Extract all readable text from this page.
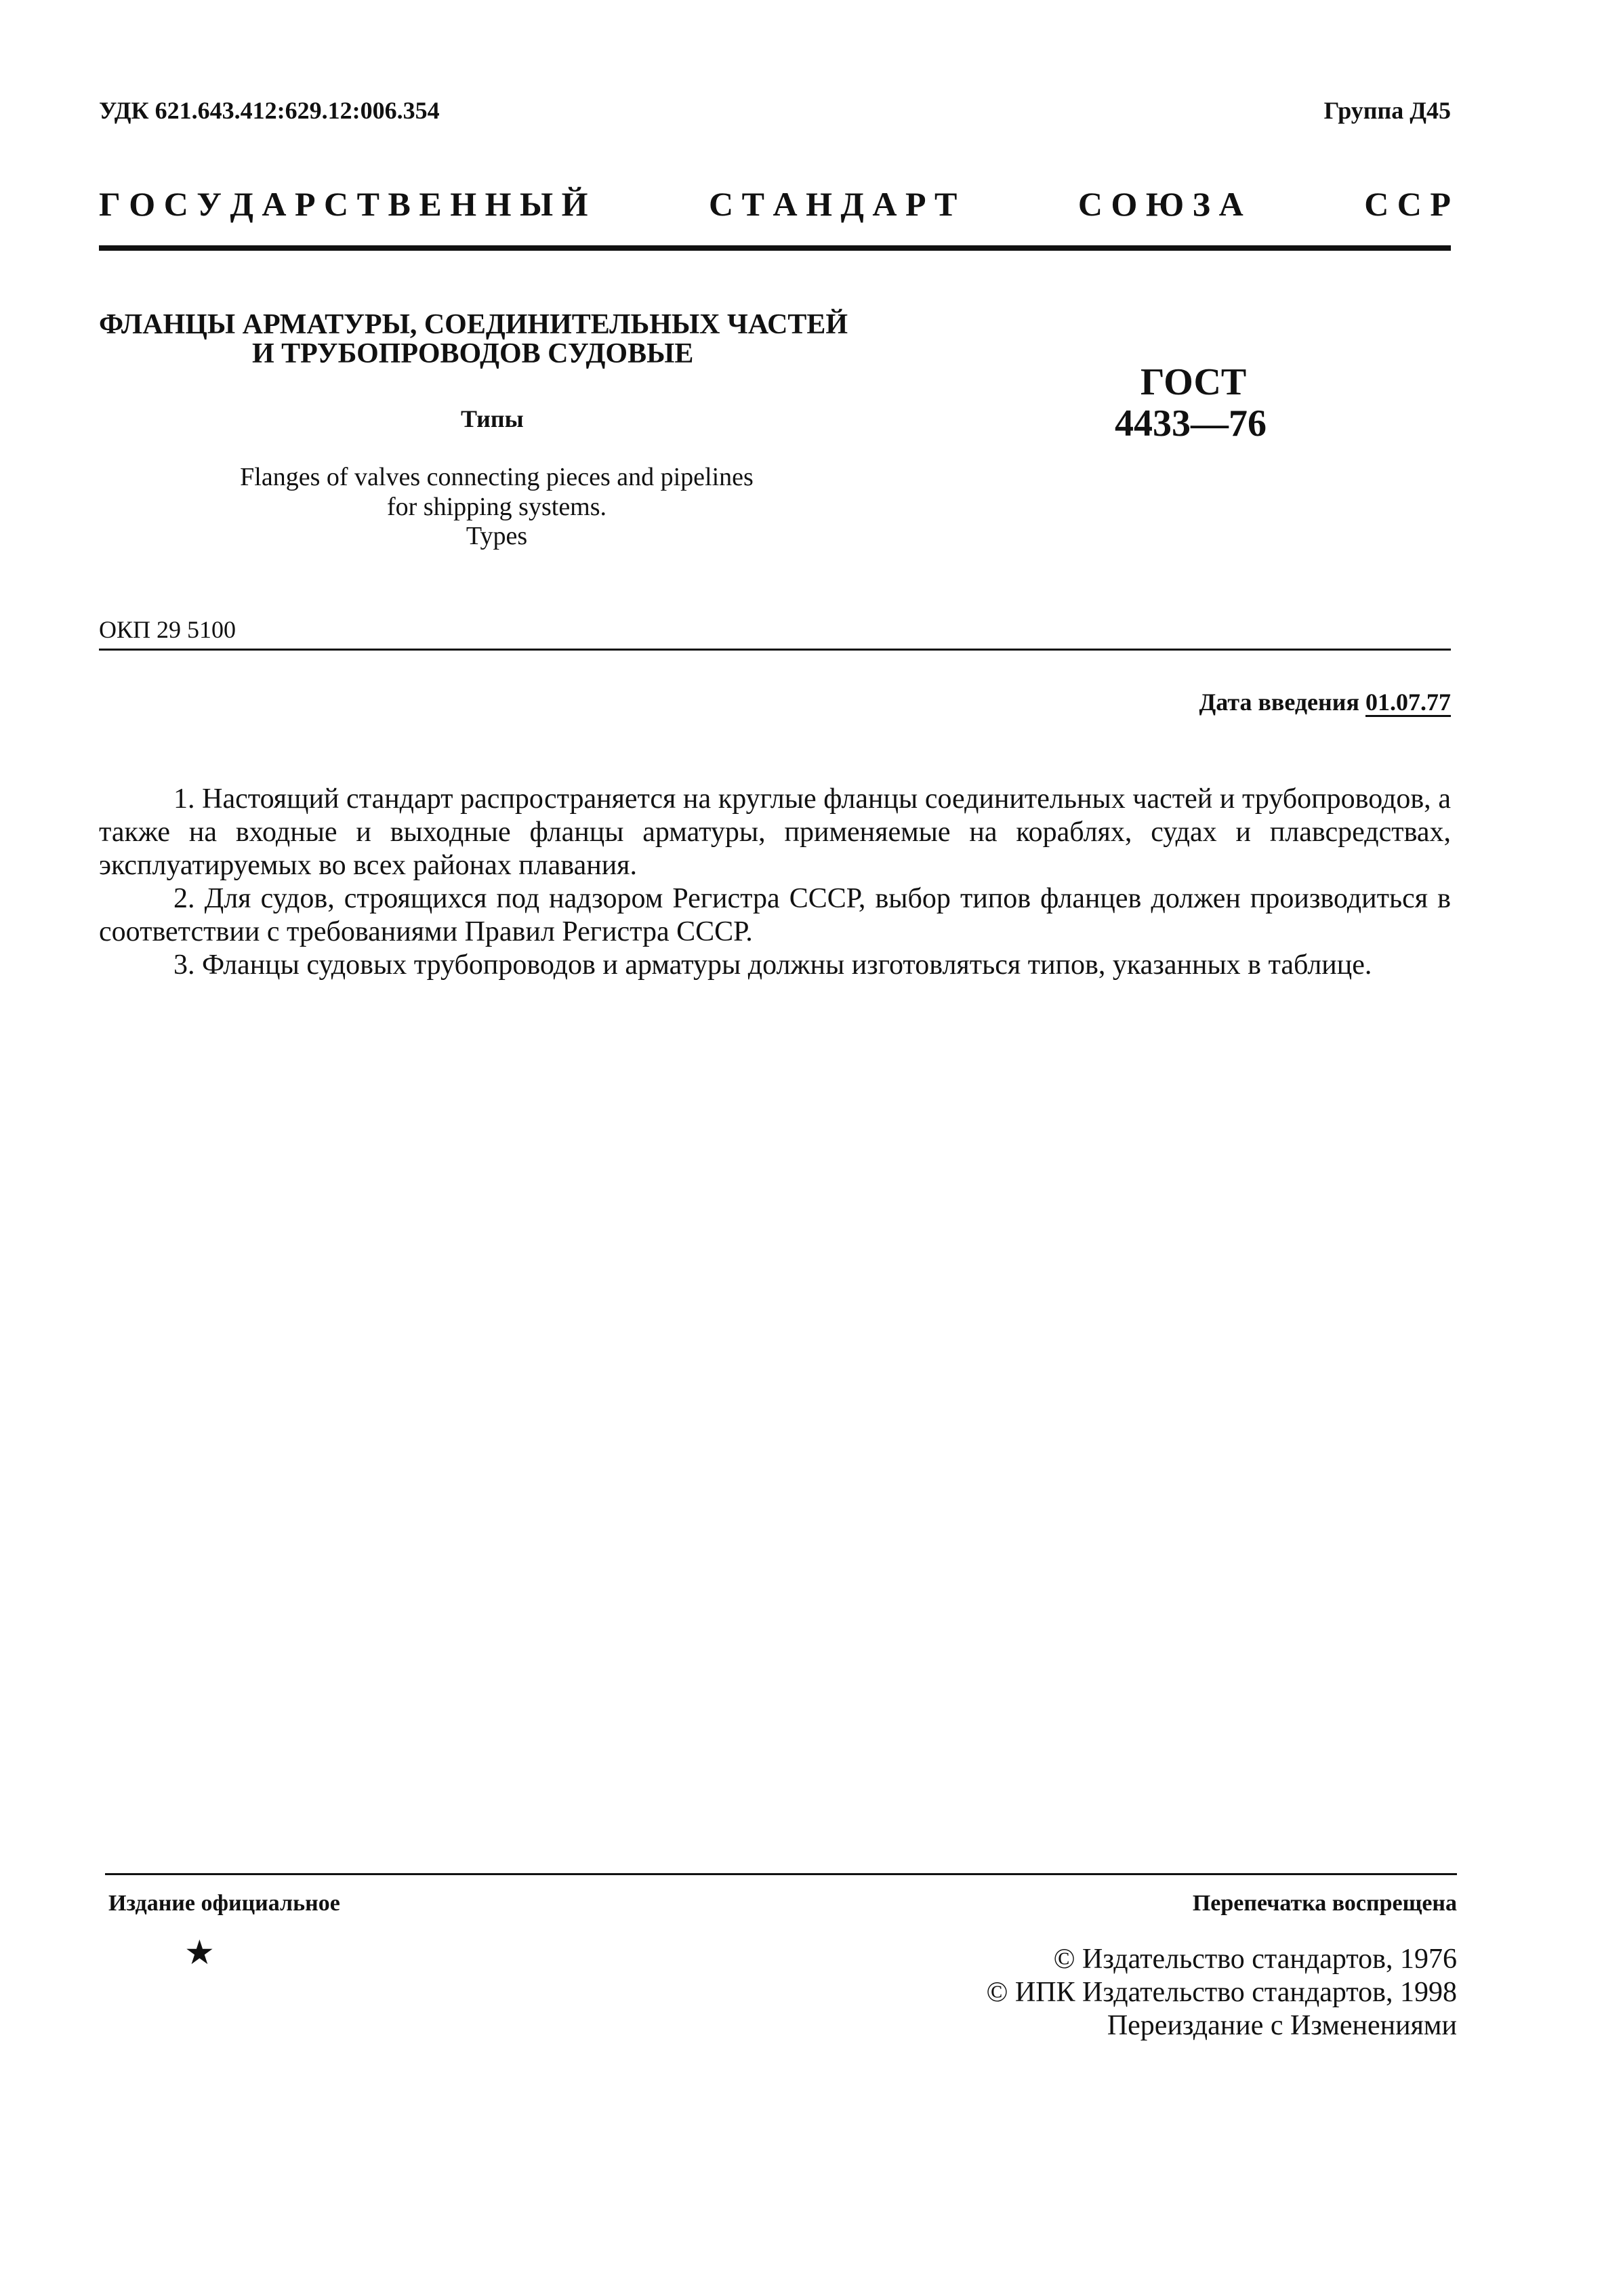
УДК 621.643.412:629.12:006.354	Группа Д45
Г О С У Д А Р С Т В Е Н Н Ы Й	С Т А Н Д А Р Т	С О Ю З А	С С Р
ФЛАНЦЫ АРМАТУРЫ, СОЕДИНИТЕЛЬНЫХ ЧАСТЕЙ
И ТРУБОПРОВОДОВ СУДОВЫЕ
Типы
ГОСТ
4433—76
Flanges of valves connecting pieces and pipelines
for shipping systems.
Types
ОКП 29 5100
Дата введения 01.07.77

1. Настоящий стандарт распространяется на круглые фланцы соединительных частей и трубопроводов, а также на входные и выходные фланцы арматуры, применяемые на кораблях, судах и плавсредствах, эксплуатируемых во всех районах плавания.

2. Для судов, строящихся под надзором Регистра СССР, выбор типов фланцев должен производиться в соответствии с требованиями Правил Регистра СССР.

3. Фланцы судовых трубопроводов и арматуры должны изготовляться типов, указанных в таблице.

Издание официальное	Перепечатка воспрещена
★	© Издательство стандартов, 1976
© ИПК Издательство стандартов, 1998
Переиздание с Изменениями
